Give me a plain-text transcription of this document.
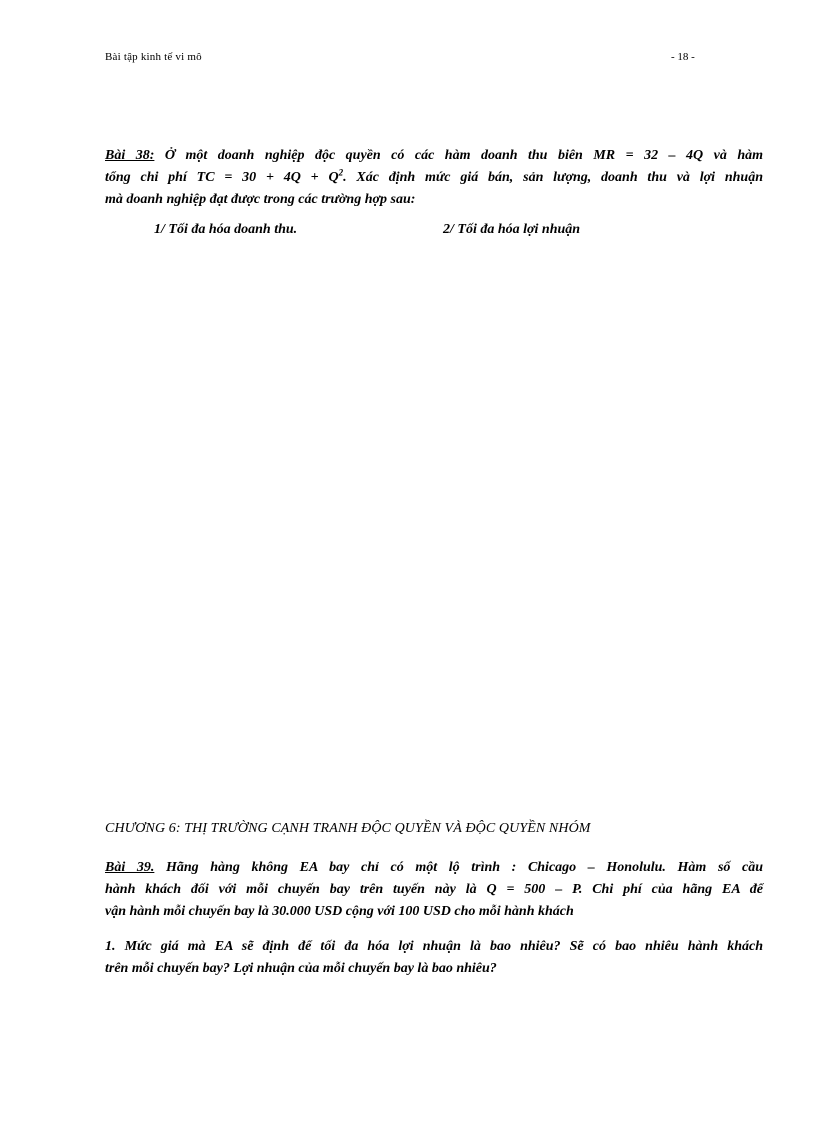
Bài tập kinh tế vi mô	- 18 -
Bài 38: Ở một doanh nghiệp độc quyền có các hàm doanh thu biên MR = 32 – 4Q và hàm
tổng chi phí TC = $30 + 4Q + Q^2$. Xác định mức giá bán, sản lượng, doanh thu và lợi nhuận
mà doanh nghiệp đạt được trong các trường hợp sau:
1/ Tối đa hóa doanh thu.	2/ Tối đa hóa lợi nhuận
CHƯƠNG 6: THỊ TRƯỜNG CẠNH TRANH ĐỘC QUYỀN VÀ ĐỘC QUYỀN NHÓM
Bài 39. Hãng hàng không EA bay chỉ có một lộ trình : Chicago – Honolulu. Hàm số cầu
hành khách đối với mỗi chuyến bay trên tuyến này là Q = 500 – P. Chi phí của hãng EA để
vận hành mỗi chuyến bay là 30.000 USD cộng với 100 USD cho mỗi hành khách
1. Mức giá mà EA sẽ định để tối đa hóa lợi nhuận là bao nhiêu? Sẽ có bao nhiêu hành khách
trên mỗi chuyến bay? Lợi nhuận của mỗi chuyến bay là bao nhiêu?
